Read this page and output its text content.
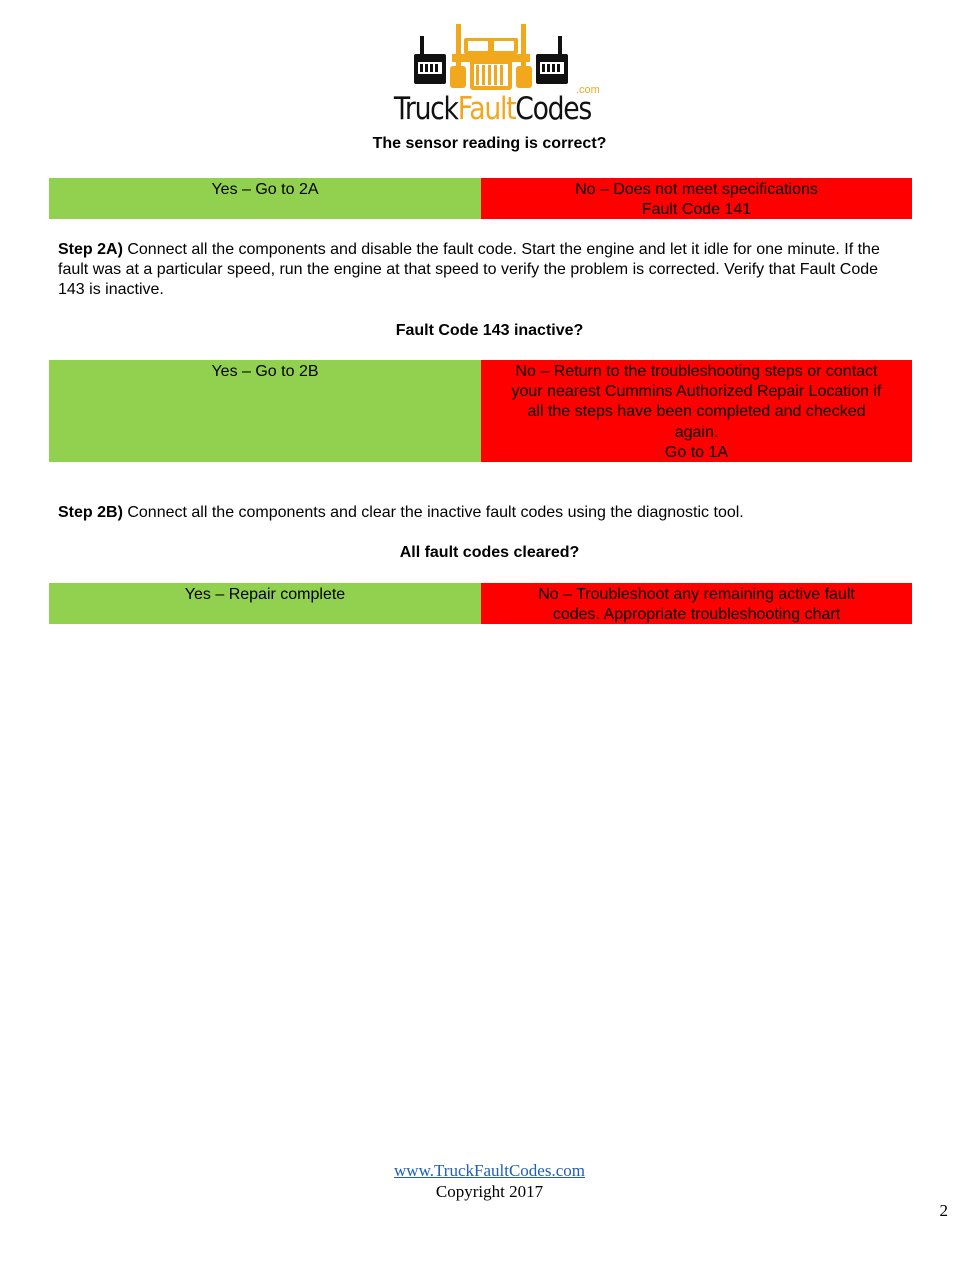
.com
TruckFaultCodes
The sensor reading is correct?
Yes – Go to 2A	No – Does not meet specifications
Fault Code 141
Step 2A) Connect all the components and disable the fault code. Start the engine and let it idle for one minute. If the fault was at a particular speed, run the engine at that speed to verify the problem is corrected. Verify that Fault Code 143 is inactive.
Fault Code 143 inactive?
Yes – Go to 2B	No – Return to the troubleshooting steps or contact
your nearest Cummins Authorized Repair Location if
all the steps have been completed and checked
again.
Go to 1A
Step 2B) Connect all the components and clear the inactive fault codes using the diagnostic tool.
All fault codes cleared?
Yes – Repair complete	No – Troubleshoot any remaining active fault
codes. Appropriate troubleshooting chart
www.TruckFaultCodes.com
Copyright 2017
2
